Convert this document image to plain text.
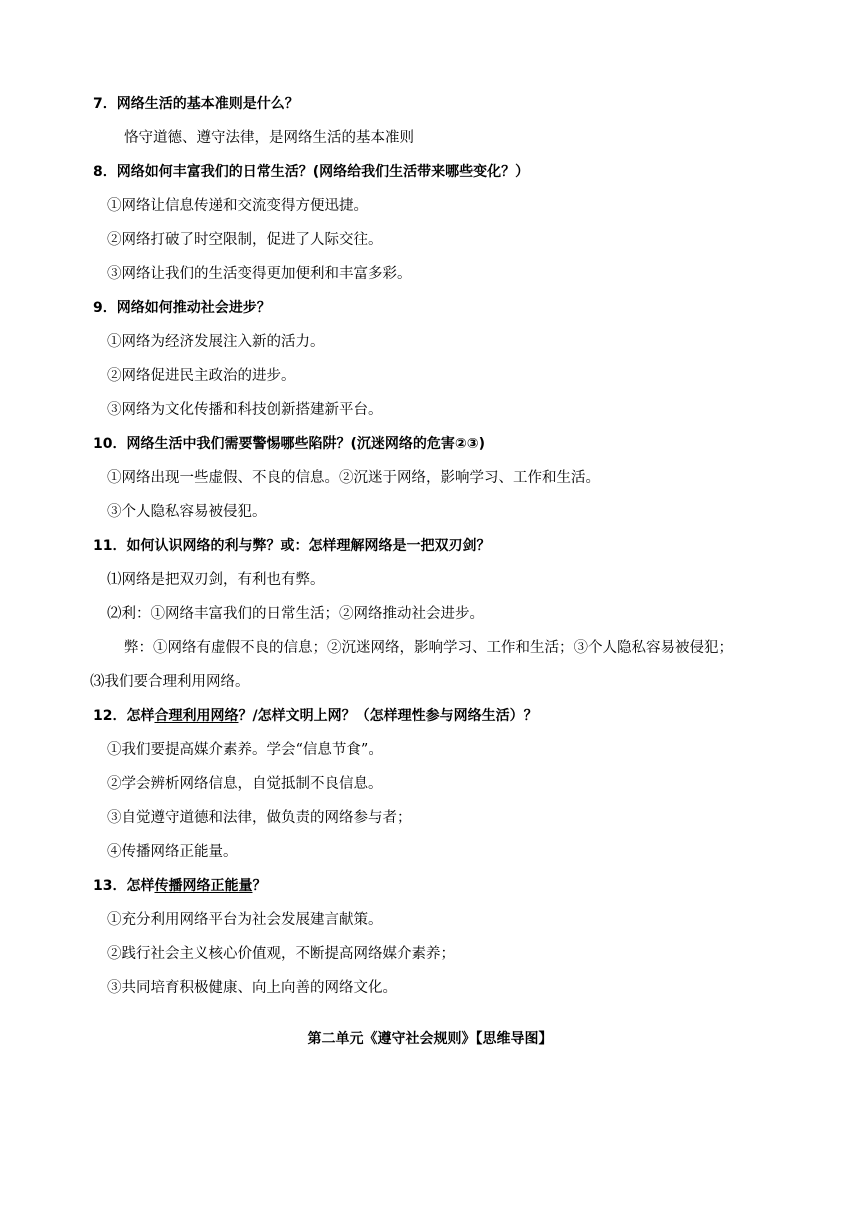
7．网络生活的基本准则是什么？
恪守道德、遵守法律，是网络生活的基本准则
8．网络如何丰富我们的日常生活？(网络给我们生活带来哪些变化？）
①网络让信息传递和交流变得方便迅捷。
②网络打破了时空限制，促进了人际交往。
③网络让我们的生活变得更加便利和丰富多彩。
9．网络如何推动社会进步？
①网络为经济发展注入新的活力。
②网络促进民主政治的进步。
③网络为文化传播和科技创新搭建新平台。
10．网络生活中我们需要警惕哪些陷阱？(沉迷网络的危害②③)
①网络出现一些虚假、不良的信息。②沉迷于网络，影响学习、工作和生活。
③个人隐私容易被侵犯。
11．如何认识网络的利与弊？或：怎样理解网络是一把双刃剑？
⑴网络是把双刃剑，有利也有弊。
⑵利：①网络丰富我们的日常生活；②网络推动社会进步。
弊：①网络有虚假不良的信息；②沉迷网络，影响学习、工作和生活；③个人隐私容易被侵犯；
⑶我们要合理利用网络。
12．怎样合理利用网络？/怎样文明上网？（怎样理性参与网络生活）？
①我们要提高媒介素养。学会“信息节食”。
②学会辨析网络信息，自觉抵制不良信息。
③自觉遵守道德和法律，做负责的网络参与者；
④传播网络正能量。
13．怎样传播网络正能量？
①充分利用网络平台为社会发展建言献策。
②践行社会主义核心价值观，不断提高网络媒介素养；
③共同培育积极健康、向上向善的网络文化。
第二单元《遵守社会规则》【思维导图】
